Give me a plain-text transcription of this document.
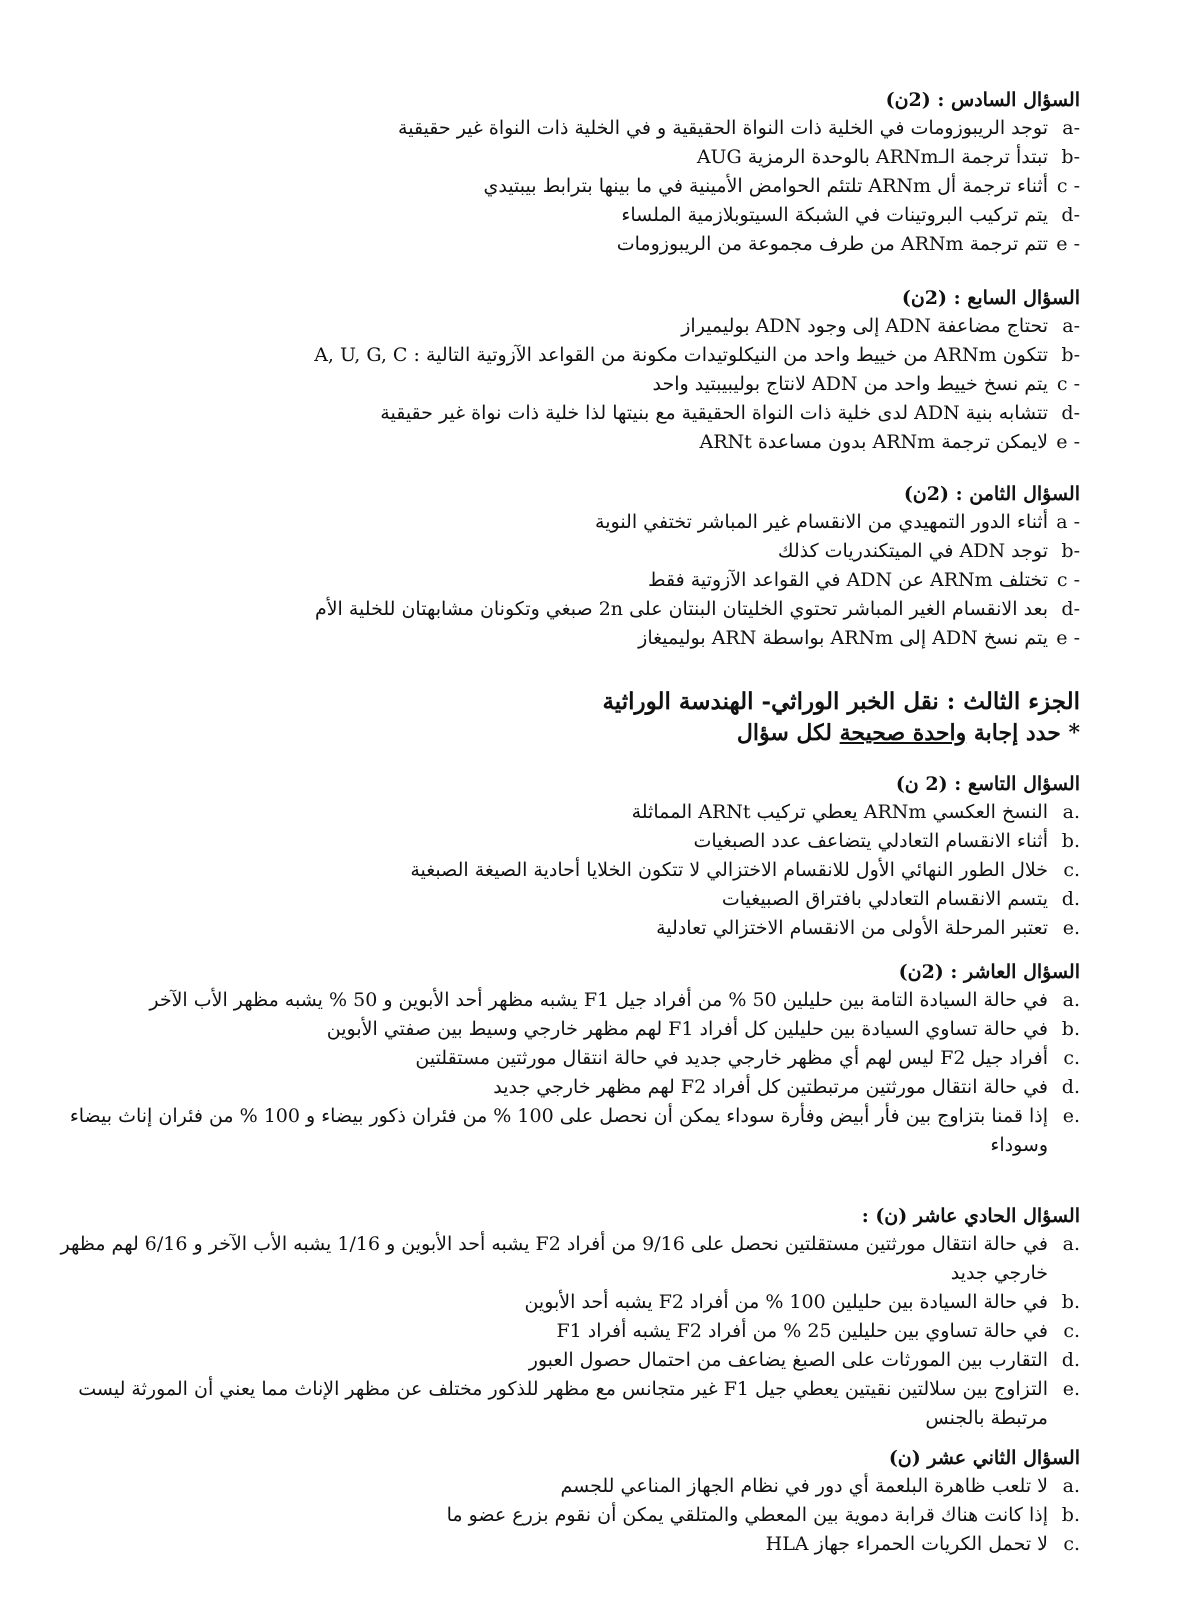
السؤال السادس : (2ن)
a-
توجد الريبوزومات في الخلية ذات النواة الحقيقية و في الخلية ذات النواة غير حقيقية
b-
تبتدأ ترجمة الـARNm بالوحدة الرمزية AUG
c -
أثناء ترجمة أل ARNm تلتئم الحوامض الأمينية في ما بينها بترابط بيبتيدي
d-
يتم تركيب البروتينات في الشبكة السيتوبلازمية الملساء
e -
تتم ترجمة ARNm من طرف مجموعة من الريبوزومات
السؤال السابع : (2ن)
a-
تحتاج مضاعفة ADN إلى وجود ADN بوليميراز
b-
تتكون ARNm من خييط واحد من النيكلوتيدات مكونة من القواعد الآزوتية التالية : A, U, G, C
c -
يتم نسخ خييط واحد من ADN لانتاج بوليبيبتيد واحد
d-
تتشابه بنية ADN لدى خلية ذات النواة الحقيقية مع بنيتها لذا خلية ذات نواة غير حقيقية
e -
لايمكن ترجمة ARNm بدون مساعدة ARNt
السؤال الثامن : (2ن)
a -
أثناء الدور التمهيدي من الانقسام غير المباشر تختفي النوية
b-
توجد ADN في الميتكندريات كذلك
c -
تختلف ARNm عن ADN في القواعد الآزوتية فقط
d-
بعد الانقسام الغير المباشر تحتوي الخليتان البنتان على 2n صبغي وتكونان مشابهتان للخلية الأم
e -
يتم نسخ ADN إلى ARNm بواسطة ARN بوليميغاز
الجزء الثالث : نقل الخبر الوراثي- الهندسة الوراثية
* حدد إجابة واحدة صحيحة لكل سؤال
السؤال التاسع : (2 ن)
a.
النسخ العكسي ARNm يعطي تركيب ARNt المماثلة
b.
أثناء الانقسام التعادلي يتضاعف عدد الصبغيات
c.
خلال الطور النهائي الأول للانقسام الاختزالي لا تتكون الخلايا أحادية الصيغة الصبغية
d.
يتسم الانقسام التعادلي بافتراق الصبيغيات
e.
تعتبر المرحلة الأولى من الانقسام الاختزالي تعادلية
السؤال العاشر : (2ن)
a.
في حالة السيادة التامة بين حليلين 50 % من أفراد جيل F1 يشبه مظهر أحد الأبوين و 50 % يشبه مظهر الأب الآخر
b.
في حالة تساوي السيادة بين حليلين كل أفراد F1 لهم مظهر خارجي وسيط بين صفتي الأبوين
c.
أفراد جيل F2 ليس لهم أي مظهر خارجي جديد في حالة انتقال مورثتين مستقلتين
d.
في حالة انتقال مورثتين مرتبطتين كل أفراد F2 لهم مظهر خارجي جديد
e.
إذا قمنا بتزاوج بين فأر أبيض وفأرة سوداء يمكن أن نحصل على 100 % من فئران ذكور بيضاء و 100 % من فئران إناث بيضاء وسوداء
السؤال الحادي عاشر (ن) :
a.
في حالة انتقال مورثتين مستقلتين نحصل على 9/16 من أفراد F2 يشبه أحد الأبوين و 1/16 يشبه الأب الآخر و 6/16 لهم مظهر خارجي جديد
b.
في حالة السيادة بين حليلين 100 % من أفراد F2 يشبه أحد الأبوين
c.
في حالة تساوي بين حليلين 25 % من أفراد F2 يشبه أفراد F1
d.
التقارب بين المورثات على الصبغ يضاعف من احتمال حصول العبور
e.
التزاوج بين سلالتين نقيتين يعطي جيل F1 غير متجانس مع مظهر للذكور مختلف عن مظهر الإناث مما يعني أن المورثة ليست مرتبطة بالجنس
السؤال الثاني عشر (ن)
a.
لا تلعب ظاهرة البلعمة أي دور في نظام الجهاز المناعي للجسم
b.
إذا كانت هناك قرابة دموية بين المعطي والمتلقي يمكن أن نقوم بزرع عضو ما
c.
لا تحمل الكريات الحمراء جهاز HLA
